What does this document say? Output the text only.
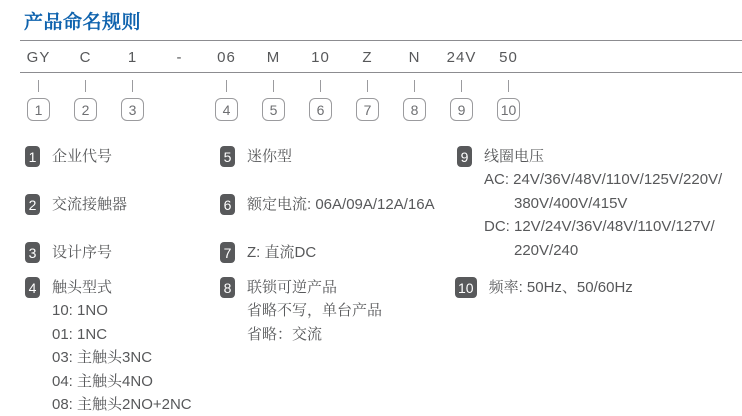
产品命名规则
GY C 1	- 06 M 10 Z N 24V 50
1	2	3	4	5	6	7	8	9	10
1 企业代号
2 交流接触器
3 设计序号
4 触头型式
10: 1NO
01: 1NC
03: 主触头3NC
04: 主触头4NO
08: 主触头2NO+2NC
5 迷你型
6 额定电流: 06A/09A/12A/16A
7 Z: 直流DC
8 联锁可逆产品
省略不写，单台产品
省略：交流
9 线圈电压
AC: 24V/36V/48V/110V/125V/220V/
380V/400V/415V
DC: 12V/24V/36V/48V/110V/127V/
220V/240
10 频率: 50Hz、50/60Hz
